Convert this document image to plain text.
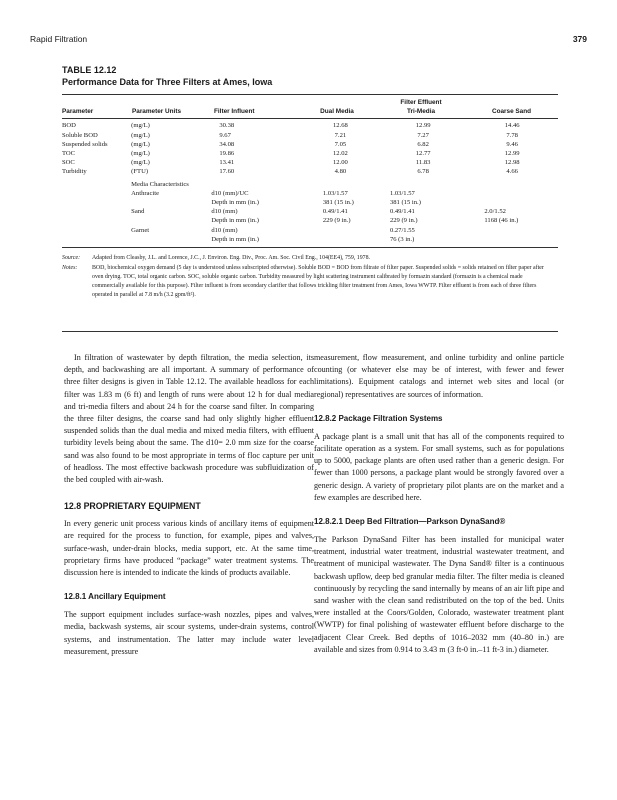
Rapid Filtration	379
TABLE 12.12
Performance Data for Three Filters at Ames, Iowa
				Filter Effluent	
Parameter	Parameter Units	Filter Influent	Dual Media	Tri-Media	Coarse Sand
BOD	(mg/L)	30.38	12.68	12.99	14.46
Soluble BOD	(mg/L)	9.67	7.21	7.27	7.78
Suspended solids	(mg/L)	34.08	7.05	6.82	9.46
TOC	(mg/L)	19.86	12.02	12.77	12.99
SOC	(mg/L)	13.41	12.00	11.83	12.98
Turbidity	(FTU)	17.60	4.80	6.78	4.66
	Media Characteristics				
	Anthracite	d10 (mm)/UC	1.03/1.57	1.03/1.57	
		Depth in mm (in.)	381 (15 in.)	381 (15 in.)	
	Sand	d10 (mm)	0.49/1.41	0.49/1.41	2.0/1.52
		Depth in mm (in.)	229 (9 in.)	229 (9 in.)	1168 (46 in.)
	Garnet	d10 (mm)		0.27/1.55	
		Depth in mm (in.)		76 (3 in.)	
Source: Adapted from Cleasby, J.L. and Lorence, J.C., J. Environ. Eng. Div., Proc. Am. Soc. Civil Eng., 104(EE4), 759, 1978.
Notes: BOD, biochemical oxygen demand (5 day is understood unless subscripted otherwise). Soluble BOD = BOD from filtrate of filter paper. Suspended solids = solids retained on filter paper after oven drying. TOC, total organic carbon. SOC, soluble organic carbon. Turbidity measured by light scattering instrument calibrated by formazin standard (formazin is a chemical made commercially available for this purpose). Filter influent is from secondary clarifier that follows trickling filter treatment from Ames, Iowa WWTP. Filter effluent is from each of three filters operated in parallel at 7.8 m/h (3.2 gpm/ft²).

In filtration of wastewater by depth filtration, the media selection, its depth, and backwashing are all important. A summary of performance of three filter designs is given in Table 12.12. The available headloss for each filter was 1.83 m (6 ft) and length of runs were about 12 h for dual media and tri-media filters and about 24 h for the coarse sand filter. In comparing the three filter designs, the coarse sand had only slightly higher effluent suspended solids than the dual media and mixed media filters, with effluent turbidity levels being about the same. The d10= 2.0 mm size for the coarse sand was also found to be most appropriate in terms of floc capture per unit of headloss. The most effective backwash procedure was subfluidization of the bed coupled with air-wash.

12.8 PROPRIETARY EQUIPMENT

In every generic unit process various kinds of ancillary items of equipment are required for the process to function, for example, pipes and valves, surface-wash, under-drain blocks, media support, etc. At the same time, proprietary firms have produced “package” water treatment systems. The discussion here is intended to indicate the kinds of products available.

12.8.1 Ancillary Equipment

The support equipment includes surface-wash nozzles, pipes and valves, media, backwash systems, air scour systems, under-drain systems, control systems, and instrumentation. The latter may include water level measurement, pressure

measurement, flow measurement, and online turbidity and online particle counting (or whatever else may be of interest, with fewer and fewer limitations). Equipment catalogs and internet web sites and local (or regional) representatives are sources of information.

12.8.2 Package Filtration Systems

A package plant is a small unit that has all of the components required to facilitate operation as a system. For small systems, such as for populations up to 5000, package plants are often used rather than a generic design. For fewer than 1000 persons, a package plant would be strongly favored over a generic design. A variety of proprietary pilot plants are on the market and a few examples are described here.

12.8.2.1 Deep Bed Filtration—Parkson DynaSand®

The Parkson DynaSand Filter has been installed for municipal water treatment, industrial water treatment, industrial wastewater treatment, and treatment of municipal wastewater. The Dyna Sand® filter is a continuous backwash upflow, deep bed granular media filter. The filter media is cleaned continuously by recycling the sand internally by means of an air lift pipe and sand washer with the clean sand redistributed on the top of the bed. Units were installed at the Coors/Golden, Colorado, wastewater treatment plant (WWTP) for final polishing of wastewater effluent before discharge to the adjacent Clear Creek. Bed depths of 1016–2032 mm (40–80 in.) are available and sizes from 0.914 to 3.43 m (3 ft-0 in.–11 ft-3 in.) diameter.
